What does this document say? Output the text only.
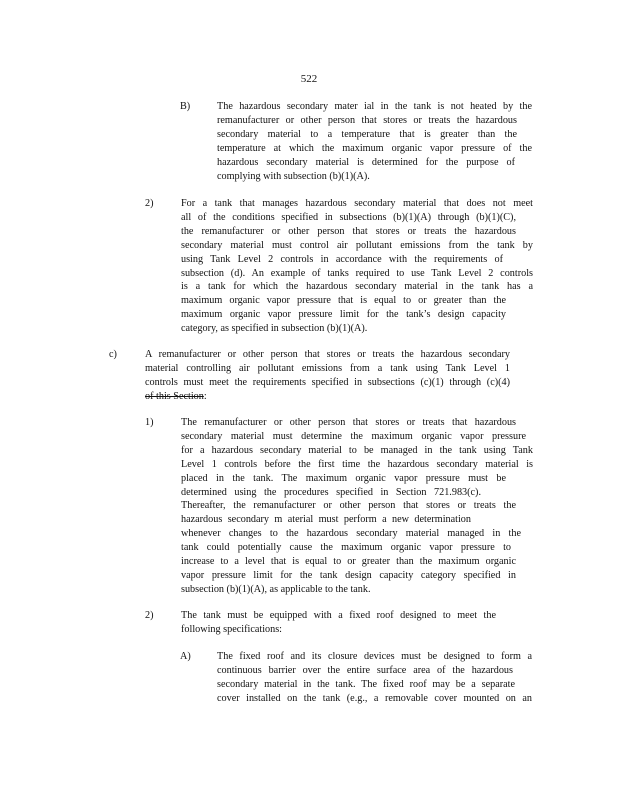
522
B)	The hazardous secondary mater ial in the tank is not heated by the
remanufacturer or other person that stores or treats the hazardous
secondary material to a temperature that is greater than the
temperature at which the maximum organic vapor pressure of the
hazardous secondary material is determined for the purpose of
complying with subsection (b)(1)(A).
2)	For a tank that manages hazardous secondary material that does not meet
all of the conditions specified in subsections (b)(1)(A) through (b)(1)(C),
the remanufacturer or other person that stores or treats the hazardous
secondary material must control air pollutant emissions from the tank by
using Tank Level 2 controls in accordance with the requirements of
subsection (d). An example of tanks required to use Tank Level 2 controls
is a tank for which the hazardous secondary material in the tank has a
maximum organic vapor pressure that is equal to or greater than the
maximum organic vapor pressure limit for the tank’s design capacity
category, as specified in subsection (b)(1)(A).
c)	A remanufacturer or other person that stores or treats the hazardous secondary
material controlling air pollutant emissions from a tank using Tank Level 1
controls must meet the requirements specified in subsections (c)(1) through (c)(4)
of this Section:
1)	The remanufacturer or other person that stores or treats that hazardous
secondary material must determine the maximum organic vapor pressure
for a hazardous secondary material to be managed in the tank using Tank
Level 1 controls before the first time the hazardous secondary material is
placed in the tank. The maximum organic vapor pressure must be
determined using the procedures specified in Section 721.983(c).
Thereafter, the remanufacturer or other person that stores or treats the
hazardous secondary m aterial must perform a new determination
whenever changes to the hazardous secondary material managed in the
tank could potentially cause the maximum organic vapor pressure to
increase to a level that is equal to or greater than the maximum organic
vapor pressure limit for the tank design capacity category specified in
subsection (b)(1)(A), as applicable to the tank.
2)	The tank must be equipped with a fixed roof designed to meet the
following specifications:
A)	The fixed roof and its closure devices must be designed to form a
continuous barrier over the entire surface area of the hazardous
secondary material in the tank. The fixed roof may be a separate
cover installed on the tank (e.g., a removable cover mounted on an
